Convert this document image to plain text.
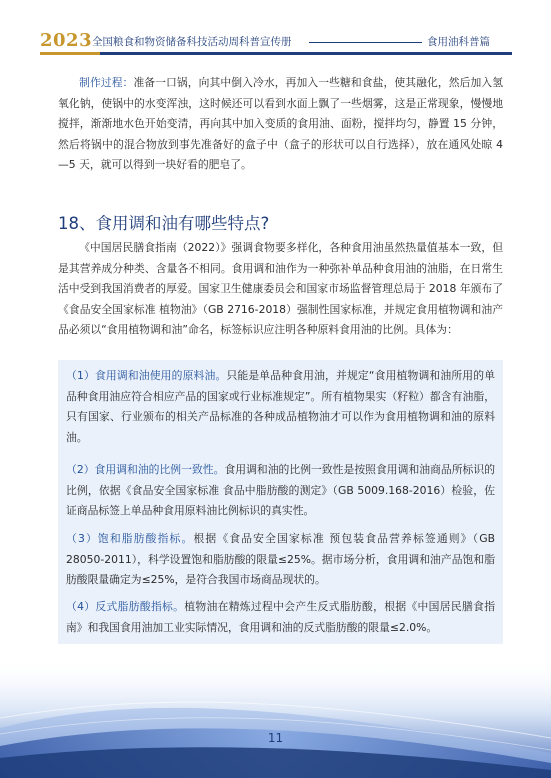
2023 全国粮食和物资储备科技活动周科普宣传册	食用油科普篇
制作过程：准备一口锅，向其中倒入冷水，再加入一些糖和食盐，使其融化，然后加入氢氧化钠，使锅中的水变浑浊，这时候还可以看到水面上飘了一些烟雾，这是正常现象，慢慢地搅拌，渐渐地水色开始变清，再向其中加入变质的食用油、面粉，搅拌均匀，静置 15 分钟，然后将锅中的混合物放到事先准备好的盒子中（盒子的形状可以自行选择），放在通风处晾 4—5 天，就可以得到一块好看的肥皂了。
18、食用调和油有哪些特点?
《中国居民膳食指南（2022）》强调食物要多样化，各种食用油虽然热量值基本一致，但是其营养成分种类、含量各不相同。食用调和油作为一种弥补单品种食用油的油脂，在日常生活中受到我国消费者的厚爱。国家卫生健康委员会和国家市场监督管理总局于 2018 年颁布了《食品安全国家标准 植物油》（GB 2716-2018）强制性国家标准，并规定食用植物调和油产品必须以“食用植物调和油”命名，标签标识应注明各种原料食用油的比例。具体为：
（1）食用调和油使用的原料油。只能是单品种食用油，并规定“食用植物调和油所用的单品种食用油应符合相应产品的国家或行业标准规定”。所有植物果实（籽粒）都含有油脂，只有国家、行业颁布的相关产品标准的各种成品植物油才可以作为食用植物调和油的原料油。
（2）食用调和油的比例一致性。食用调和油的比例一致性是按照食用调和油商品所标识的比例，依据《食品安全国家标准 食品中脂肪酸的测定》（GB 5009.168-2016）检验，佐证商品标签上单品种食用原料油比例标识的真实性。
（3）饱和脂肪酸指标。根据《食品安全国家标准 预包装食品营养标签通则》（GB 28050-2011），科学设置饱和脂肪酸的限量≤25%。据市场分析，食用调和油产品饱和脂肪酸限量确定为≤25%，是符合我国市场商品现状的。
（4）反式脂肪酸指标。植物油在精炼过程中会产生反式脂肪酸，根据《中国居民膳食指南》和我国食用油加工业实际情况，食用调和油的反式脂肪酸的限量≤2.0%。
11
